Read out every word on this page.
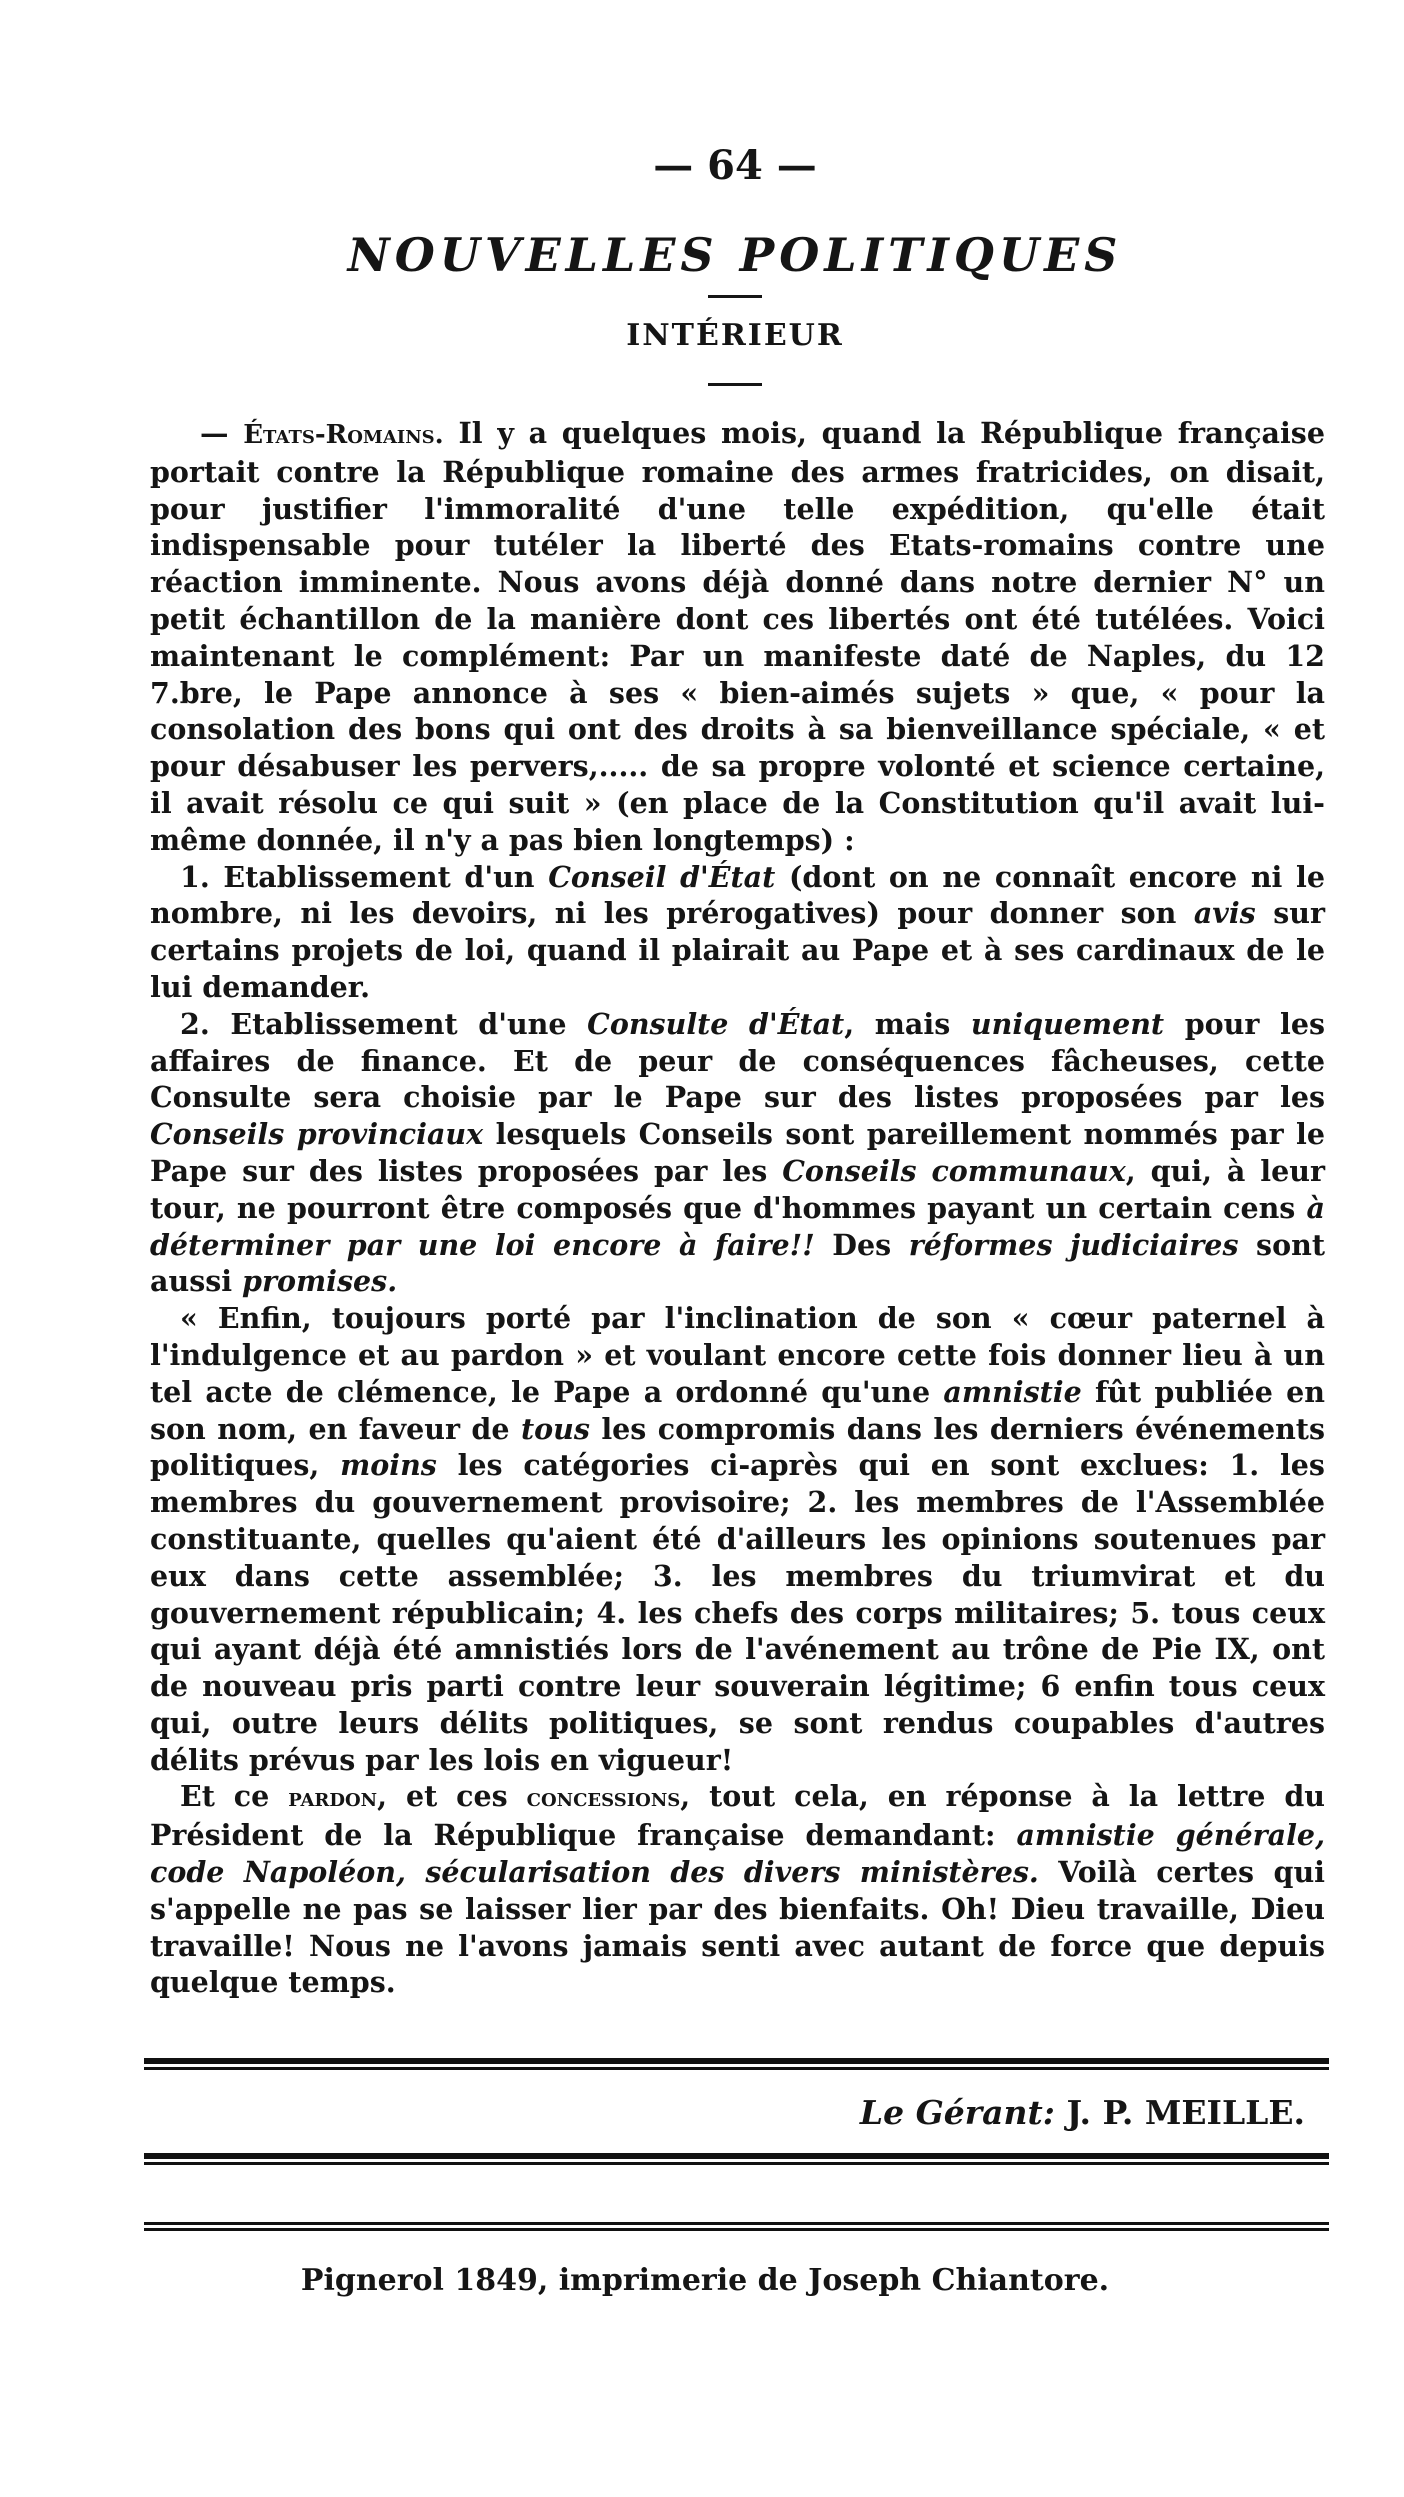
— 64 —
NOUVELLES POLITIQUES
INTÉRIEUR

— États-Romains. Il y a quelques mois, quand la République française portait contre la République romaine des armes fratricides, on disait, pour justifier l'immoralité d'une telle expédition, qu'elle était indispensable pour tutéler la liberté des Etats-romains contre une réaction imminente. Nous avons déjà donné dans notre dernier N° un petit échantillon de la manière dont ces libertés ont été tutélées. Voici maintenant le complément: Par un manifeste daté de Naples, du 12 7.bre, le Pape annonce à ses « bien-aimés sujets » que, « pour la consolation des bons qui ont des droits à sa bienveillance spéciale, « et pour désabuser les pervers,..... de sa propre volonté et science certaine, il avait résolu ce qui suit » (en place de la Constitution qu'il avait lui-même donnée, il n'y a pas bien longtemps) :

1. Etablissement d'un Conseil d'État (dont on ne connaît encore ni le nombre, ni les devoirs, ni les prérogatives) pour donner son avis sur certains projets de loi, quand il plairait au Pape et à ses cardinaux de le lui demander.

2. Etablissement d'une Consulte d'État, mais uniquement pour les affaires de finance. Et de peur de conséquences fâcheuses, cette Consulte sera choisie par le Pape sur des listes proposées par les Conseils provinciaux lesquels Conseils sont pareillement nommés par le Pape sur des listes proposées par les Conseils communaux, qui, à leur tour, ne pourront être composés que d'hommes payant un certain cens à déterminer par une loi encore à faire!! Des réformes judiciaires sont aussi promises.

« Enfin, toujours porté par l'inclination de son « cœur paternel à l'indulgence et au pardon » et voulant encore cette fois donner lieu à un tel acte de clémence, le Pape a ordonné qu'une amnistie fût publiée en son nom, en faveur de tous les compromis dans les derniers événements politiques, moins les catégories ci-après qui en sont exclues: 1. les membres du gouvernement provisoire; 2. les membres de l'Assemblée constituante, quelles qu'aient été d'ailleurs les opinions soutenues par eux dans cette assemblée; 3. les membres du triumvirat et du gouvernement républicain; 4. les chefs des corps militaires; 5. tous ceux qui ayant déjà été amnistiés lors de l'avénement au trône de Pie IX, ont de nouveau pris parti contre leur souverain légitime; 6 enfin tous ceux qui, outre leurs délits politiques, se sont rendus coupables d'autres délits prévus par les lois en vigueur!

Et ce pardon, et ces concessions, tout cela, en réponse à la lettre du Président de la République française demandant: amnistie générale, code Napoléon, sécularisation des divers ministères. Voilà certes qui s'appelle ne pas se laisser lier par des bienfaits. Oh! Dieu travaille, Dieu travaille! Nous ne l'avons jamais senti avec autant de force que depuis quelque temps.

Le Gérant: J. P. MEILLE.
Pignerol 1849, imprimerie de Joseph Chiantore.
